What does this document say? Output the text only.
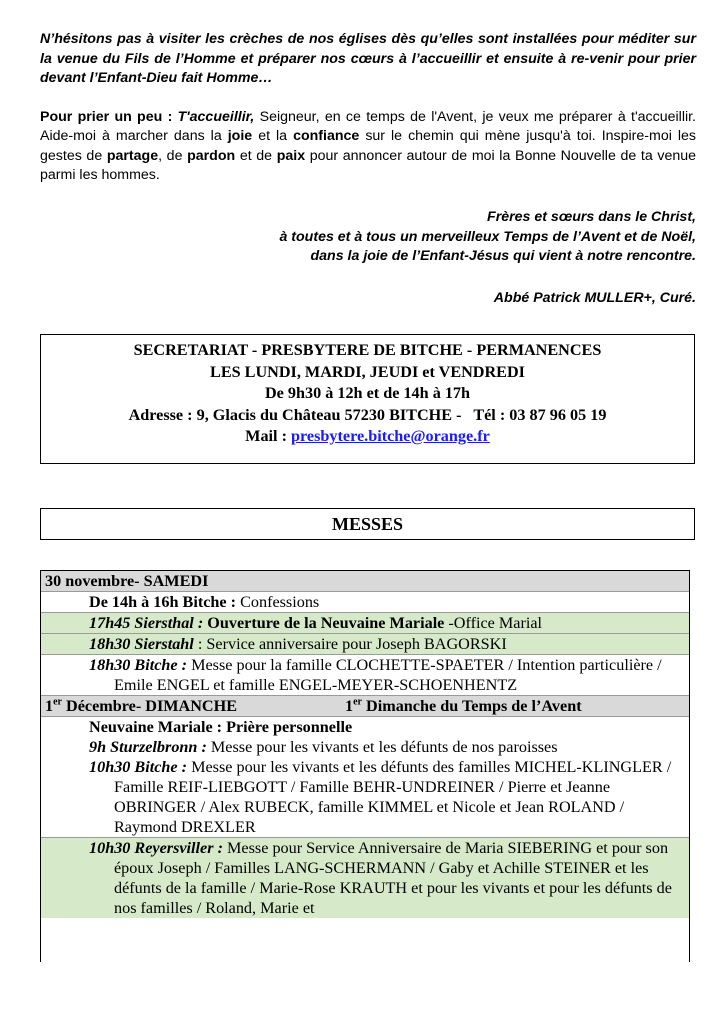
N’hésitons pas à visiter les crèches de nos églises dès qu’elles sont installées pour méditer sur la venue du Fils de l’Homme et préparer nos cœurs à l’accueillir et ensuite à re-venir pour prier devant l’Enfant-Dieu fait Homme…

Pour prier un peu : T'accueillir, Seigneur, en ce temps de l'Avent, je veux me préparer à t'accueillir. Aide-moi à marcher dans la joie et la confiance sur le chemin qui mène jusqu'à toi. Inspire-moi les gestes de partage, de pardon et de paix pour annoncer autour de moi la Bonne Nouvelle de ta venue parmi les hommes.

Frères et sœurs dans le Christ,
à toutes et à tous un merveilleux Temps de l’Avent et de Noël,
dans la joie de l’Enfant-Jésus qui vient à notre rencontre.
Abbé Patrick MULLER+, Curé.
SECRETARIAT - PRESBYTERE DE BITCHE - PERMANENCES
LES LUNDI, MARDI, JEUDI et VENDREDI
De 9h30 à 12h et de 14h à 17h
Adresse : 9, Glacis du Château 57230 BITCHE -   Tél : 03 87 96 05 19
Mail : presbytere.bitche@orange.fr
MESSES
30 novembre- SAMEDI
De 14h à 16h Bitche : Confessions
17h45 Siersthal : Ouverture de la Neuvaine Mariale -Office Marial
18h30 Sierstahl : Service anniversaire pour Joseph BAGORSKI
18h30 Bitche : Messe pour la famille CLOCHETTE-SPAETER / Intention particulière / Emile ENGEL et famille ENGEL-MEYER-SCHOENHENTZ
1er Décembre- DIMANCHE	1er Dimanche du Temps de l’Avent
Neuvaine Mariale : Prière personnelle
9h Sturzelbronn : Messe pour les vivants et les défunts de nos paroisses
10h30 Bitche : Messe pour les vivants et les défunts des familles MICHEL-KLINGLER / Famille REIF-LIEBGOTT / Famille BEHR-UNDREINER / Pierre et Jeanne OBRINGER / Alex RUBECK, famille KIMMEL et Nicole et Jean ROLAND / Raymond DREXLER
10h30 Reyersviller : Messe pour Service Anniversaire de Maria SIEBERING et pour son époux Joseph / Familles LANG-SCHERMANN / Gaby et Achille STEINER et les défunts de la famille / Marie-Rose KRAUTH et pour les vivants et pour les défunts de nos familles / Roland, Marie et
